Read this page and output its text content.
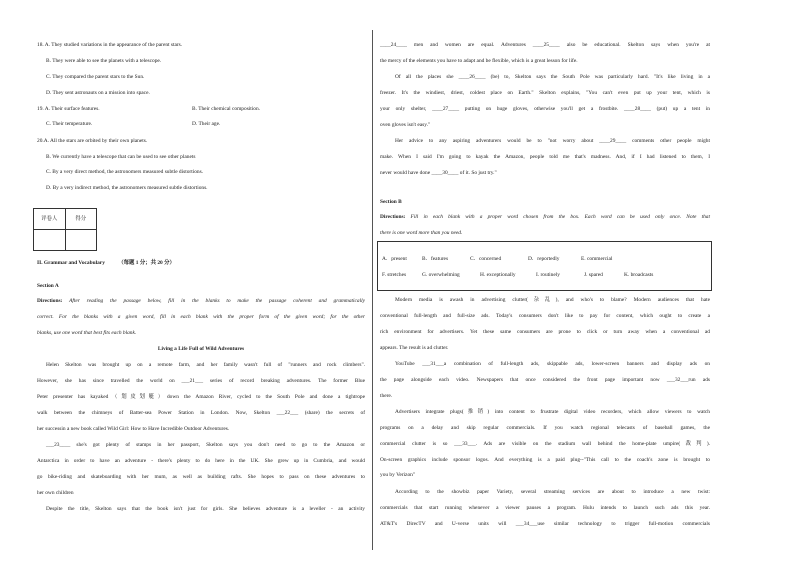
18. A. They studied variations in the appearance of the parent stars.
B. They were able to see the planets with a telescope.
C. They compared the parent stars to the Sun.
D. They sent astronauts on a mission into space.
19. A. Their surface features.	B. Their chemical composition.
C. Their temperature.	D. Their age.
20.A. All the stars are orbited by their own planets.
B. We currently have a telescope that can be used to see other planets
C. By a very direct method, the astronomers measured subtle distortions.
D. By a very indirect method, the astronomers measured subtle distortions.
评卷人	得分

II. Grammar and Vocabulary （每题 1 分；共 20 分）
Section A
Directions: After reading the passage below, fill in the blanks to make the passage coherent and grammatically
correct. For the blanks with a given word, fill in each blank with the proper form of the given word; for the other
blanks, use one word that best fits each blank.
Living a Life Full of Wild Adventures
Helen Skelton was brought up on a remote farm, and her family wasn't full of "runners and rock climbers".
However, she has since travelled the world on ___21___ series of record breaking adventures. The former Blue
Peter presenter has kayaked（划皮划艇）down the Amazon River, cycled to the South Pole and done a tightrope
walk between the chimneys of Batter-sea Power Station in London. Now, Skelton ___22___ (share) the secrets of
her successin a new book called Wild Girl: How to Have Incredible Outdoor Adventures.
___23____ she's got plenty of stamps in her passport, Skelton says you don't need to go to the Amazon or
Antarctica in order to have an adventure - there's plenty to do here in the UK. She grew up in Cumbria, and would
go bike-riding and skateboarding with her mum, as well as building rafts. She hopes to pass on these adventures to
her own children
Despite the title, Skelton says that the book isn't just for girls. She believes adventure is a leveller - an activity
____24____ men and women are equal. Adventures ____25____ also be educational. Skelton says when you're at
the mercy of the elements you have to adapt and be flexible, which is a great lesson for life.
Of all the places she ____26____ (be) to, Skelton says the South Pole was particularly hard. "It's like living in a
freezer. It's the windiest, driest, coldest place on Earth." Skelton explains, "You can't even put up your tent, which is
your only shelter, ____27____ putting on huge gloves, otherwise you'll get a frostbite. ____28____ (put) up a tent in
oven gloves isn't easy."
Her advice to any aspiring adventurers would be to "not worry about ____29____ comments other people might
make. When I said I'm going to kayak the Amazon, people told me that's madness. And, if I had listened to them, I
never would have done ____30____ of it. So just try."
Section B
Directions: Fill in each blank with a proper word chosen from the box. Each word can be used only once. Note that
there is one word more than you need.
A．present	B．features	C．concerned	D．reportedly	E. commercial
F. stretches	G. overwhelming	H. exceptionally	I. routinely	J. spared	K. broadcasts
Modern media is awash in advertising clutter(杂乱), and who's to blame? Modern audiences that hate
conventional full-length and full-size ads. Today's consumers don't like to pay for content, which ought to create a
rich environment for advertisers. Yet these same consumers are prone to click or turn away when a conventional ad
appears. The result is ad clutter.
YouTube ___31___a combination of full-length ads, skippable ads, lower-screen banners and display ads on
the page alongside each video. Newspapers that once considered the front page important now ___32___run ads
there.
Advertisers integrate plugs(推销) into content to frustrate digital video recorders, which allow viewers to watch
programs on a delay and skip regular commercials. If you watch regional telecasts of baseball games, the
commercial clutter is so ___33___. Ads are visible on the stadium wall behind the home-plate umpire(裁判).
On-screen graphics include sponsor logos. And everything is a paid plug--"This call to the coach's zone is brought to
you by Verizon"
According to the showbiz paper Variety, several streaming services are about to introduce a new twist:
commercials that start running whenever a viewer pauses a program. Hulu intends to launch such ads this year.
AT&T's DirecTV and U-verse units will ___34___use similar technology to trigger full-motion commercials
